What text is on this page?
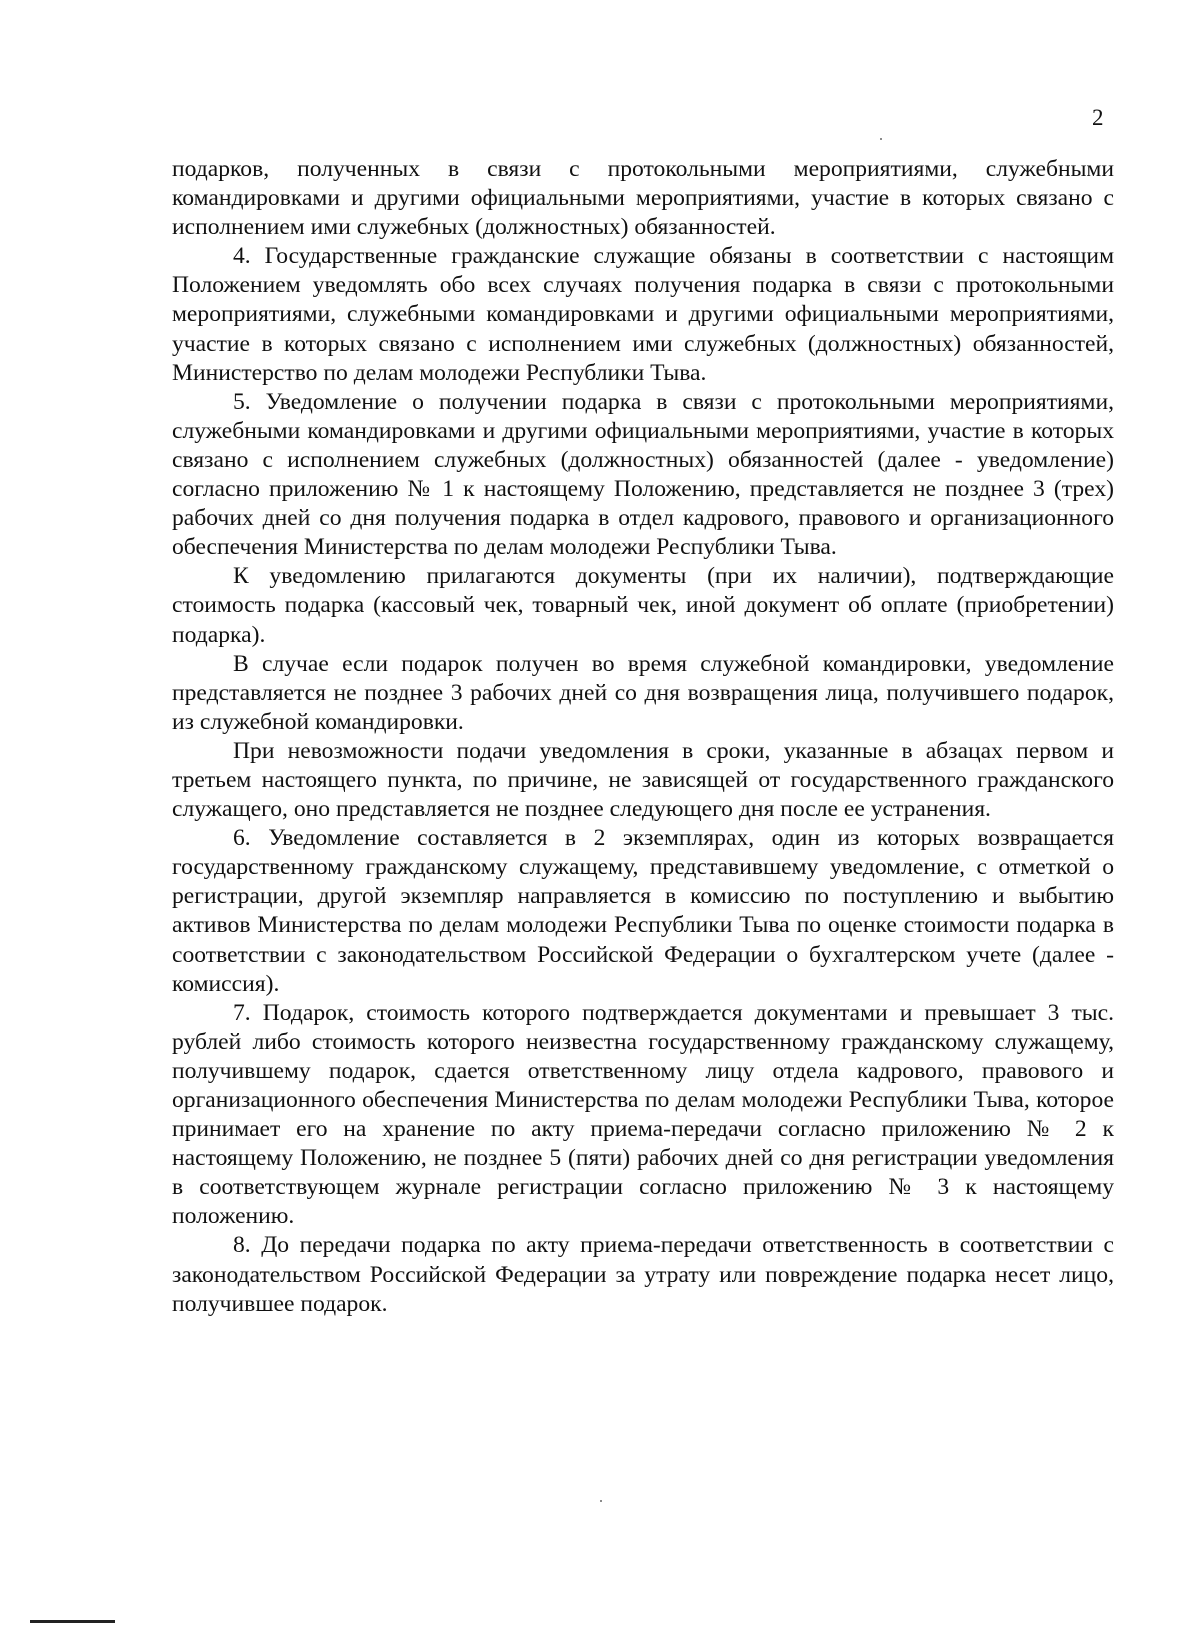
2

подарков, полученных в связи с протокольными мероприятиями, служебными командировками и другими официальными мероприятиями, участие в которых связано с исполнением ими служебных (должностных) обязанностей.

4. Государственные гражданские служащие обязаны в соответствии с настоящим Положением уведомлять обо всех случаях получения подарка в связи с протокольными мероприятиями, служебными командировками и другими официальными мероприятиями, участие в которых связано с исполнением ими служебных (должностных) обязанностей, Министерство по делам молодежи Республики Тыва.

5. Уведомление о получении подарка в связи с протокольными мероприятиями, служебными командировками и другими официальными мероприятиями, участие в которых связано с исполнением служебных (должностных) обязанностей (далее - уведомление) согласно приложению № 1 к настоящему Положению, представляется не позднее 3 (трех) рабочих дней со дня получения подарка в отдел кадрового, правового и организационного обеспечения Министерства по делам молодежи Республики Тыва.

К уведомлению прилагаются документы (при их наличии), подтверждающие стоимость подарка (кассовый чек, товарный чек, иной документ об оплате (приобретении) подарка).

В случае если подарок получен во время служебной командировки, уведомление представляется не позднее 3 рабочих дней со дня возвращения лица, получившего подарок, из служебной командировки.

При невозможности подачи уведомления в сроки, указанные в абзацах первом и третьем настоящего пункта, по причине, не зависящей от государственного гражданского служащего, оно представляется не позднее следующего дня после ее устранения.

6. Уведомление составляется в 2 экземплярах, один из которых возвращается государственному гражданскому служащему, представившему уведомление, с отметкой о регистрации, другой экземпляр направляется в комиссию по поступлению и выбытию активов Министерства по делам молодежи Республики Тыва по оценке стоимости подарка в соответствии с законодательством Российской Федерации о бухгалтерском учете (далее - комиссия).

7. Подарок, стоимость которого подтверждается документами и превышает 3 тыс. рублей либо стоимость которого неизвестна государственному гражданскому служащему, получившему подарок, сдается ответственному лицу отдела кадрового, правового и организационного обеспечения Министерства по делам молодежи Республики Тыва, которое принимает его на хранение по акту приема-передачи согласно приложению № 2 к настоящему Положению, не позднее 5 (пяти) рабочих дней со дня регистрации уведомления в соответствующем журнале регистрации согласно приложению № 3 к настоящему положению.

8. До передачи подарка по акту приема-передачи ответственность в соответствии с законодательством Российской Федерации за утрату или повреждение подарка несет лицо, получившее подарок.
